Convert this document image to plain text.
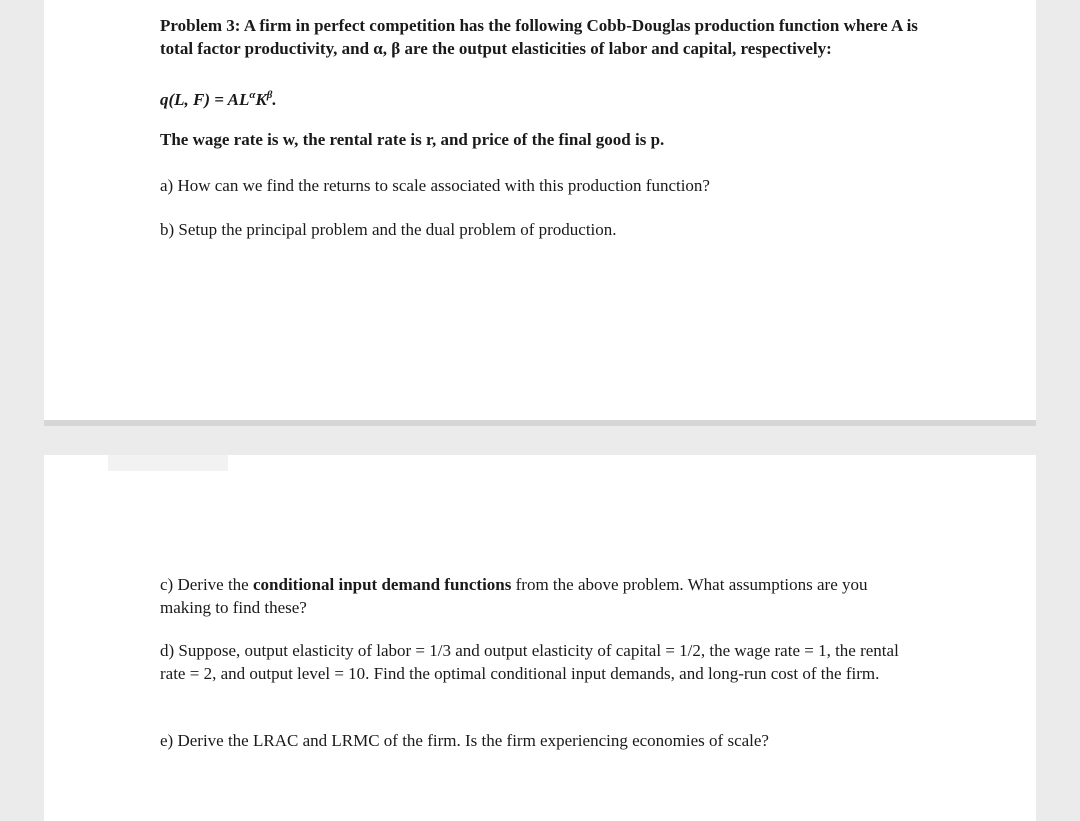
Problem 3: A firm in perfect competition has the following Cobb-Douglas production function where A is total factor productivity, and α, β are the output elasticities of labor and capital, respectively:
q(L, $F) = AL^\alpha K^\beta$.
The wage rate is w, the rental rate is r, and price of the final good is p.
a) How can we find the returns to scale associated with this production function?
b) Setup the principal problem and the dual problem of production.
c) Derive the conditional input demand functions from the above problem. What assumptions are you making to find these?
d) Suppose, output elasticity of labor = 1/3 and output elasticity of capital = 1/2, the wage rate = 1, the rental rate = 2, and output level = 10. Find the optimal conditional input demands, and long-run cost of the firm.
e) Derive the LRAC and LRMC of the firm. Is the firm experiencing economies of scale?
